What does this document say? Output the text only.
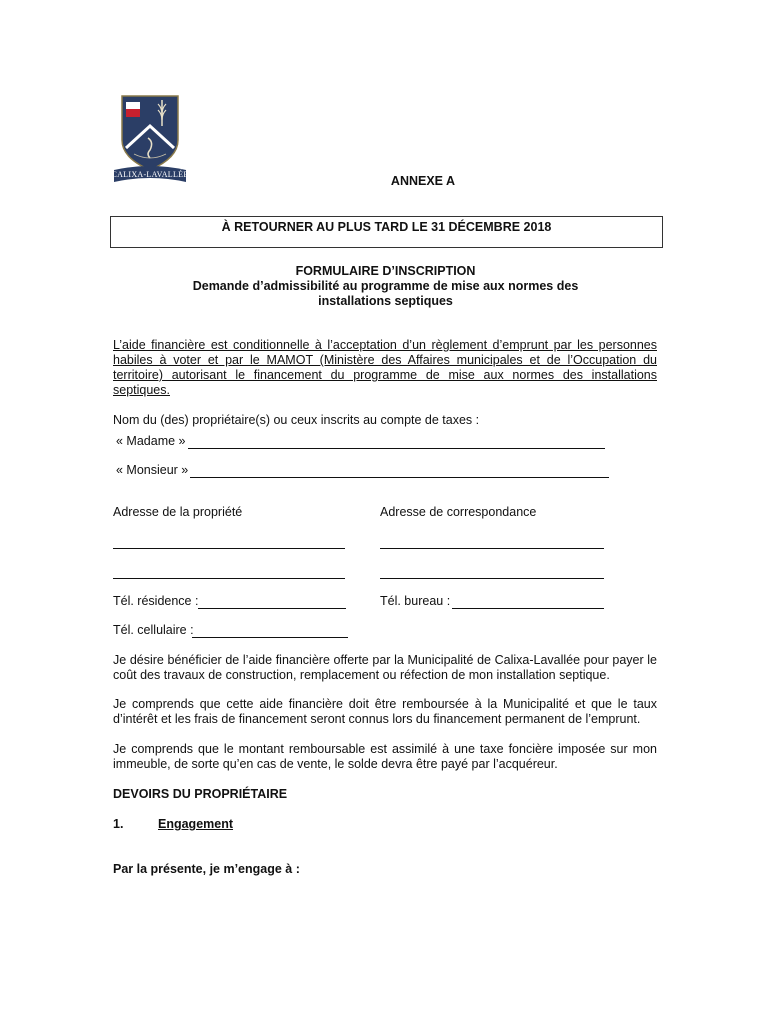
CALIXA-LAVALLÉE	ANNEXE A
À RETOURNER AU PLUS TARD LE 31 DÉCEMBRE 2018
FORMULAIRE D’INSCRIPTION
Demande d’admissibilité au programme de mise aux normes des
installations septiques
L’aide financière est conditionnelle à l’acceptation d’un règlement d’emprunt par les personnes habiles à voter et par le MAMOT (Ministère des Affaires municipales et de l’Occupation du territoire) autorisant le financement du programme de mise aux normes des installations septiques.
Nom du (des) propriétaire(s) ou ceux inscrits au compte de taxes :
« Madame »
« Monsieur »
Adresse de la propriété	Adresse de correspondance
Tél. résidence :	Tél. bureau :
Tél. cellulaire :
Je désire bénéficier de l’aide financière offerte par la Municipalité de Calixa-Lavallée pour payer le coût des travaux de construction, remplacement ou réfection de mon installation septique.
Je comprends que cette aide financière doit être remboursée à la Municipalité et que le taux d’intérêt et les frais de financement seront connus lors du financement permanent de l’emprunt.
Je comprends que le montant remboursable est assimilé à une taxe foncière imposée sur mon immeuble, de sorte qu’en cas de vente, le solde devra être payé par l’acquéreur.
DEVOIRS DU PROPRIÉTAIRE
1.	Engagement
Par la présente, je m’engage à :
